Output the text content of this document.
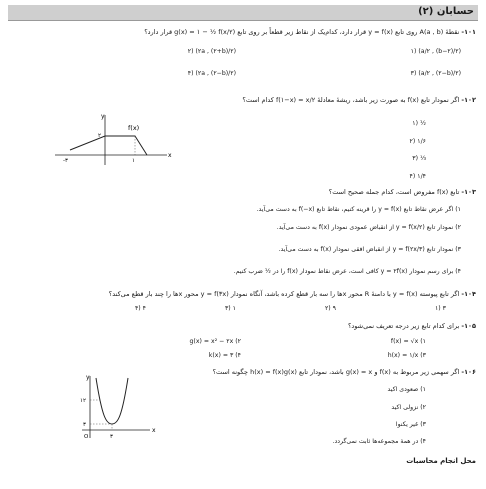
حسابان (۲)
۱۰۱- نقطهٔ A(a , b) روی تابع y = f(x) قرار دارد، کدام‌یک از نقاط زیر قطعاً بر روی تابع g(x) = ۱ − ½ f(x/۲) قرار دارد؟
(a/۲ , (b−۲)/۲) (۱
(۲a , (۲+b)/۲) (۲
(a/۲ , (۲−b)/۲) (۳
(۲a , (۲−b)/۲) (۴
۱۰۲- اگر نمودار تابع f(x) به صورت زیر باشد، ریشهٔ معادلهٔ f(۱−x) = x/۲ کدام است؟
½ (۱
۱/۶ (۲
⅓ (۳
۱/۴ (۴
f(x)
x
y
-۳	۱
۲
۱۰۳- تابع f(x) مفروض است، کدام جمله صحیح است؟
۱) اگر عرض نقاط تابع y = f(x) را قرینه کنیم، نقاط تابع f(−x) به دست می‌آید.
۲) نمودار تابع y = f(x/۲) از انقباض عمودی نمودار f(x) به دست می‌آید.
۳) نمودار تابع y = f(۲x/۳) از انقباض افقی نمودار f(x) به دست می‌آید.
۴) برای رسم نمودار y = ۲f(x) کافی است، عرض نقاط نمودار f(x) را در ½ ضرب کنیم.
۱۰۴- اگر تابع پیوسته y = f(x) با دامنهٔ R محور xها را سه بار قطع کرده باشد، آنگاه نمودار y = f(۳x) محور xها را چند بار قطع می‌کند؟
۳ (۱
۹ (۲
۱ (۳
۴ (۴
۱۰۵- برای کدام تابع زیر درجه تعریف نمی‌شود؟
f(x) = √x (۱
g(x) = x² − ۲x (۲
h(x) = ۱/x (۳
k(x) = ۳ (۴
۱۰۶- اگر سهمی زیر مربوط به f(x) و g(x) = x باشد، نمودار تابع h(x) = f(x)g(x) چگونه است؟
۱) صعودی اکید
۲) نزولی اکید
۳) غیر یکنوا
۴) در همهٔ مجموعه‌ها ثابت نمی‌گردد.
x
y
۱۲
۳
۳
O
محل انجام محاسبات
